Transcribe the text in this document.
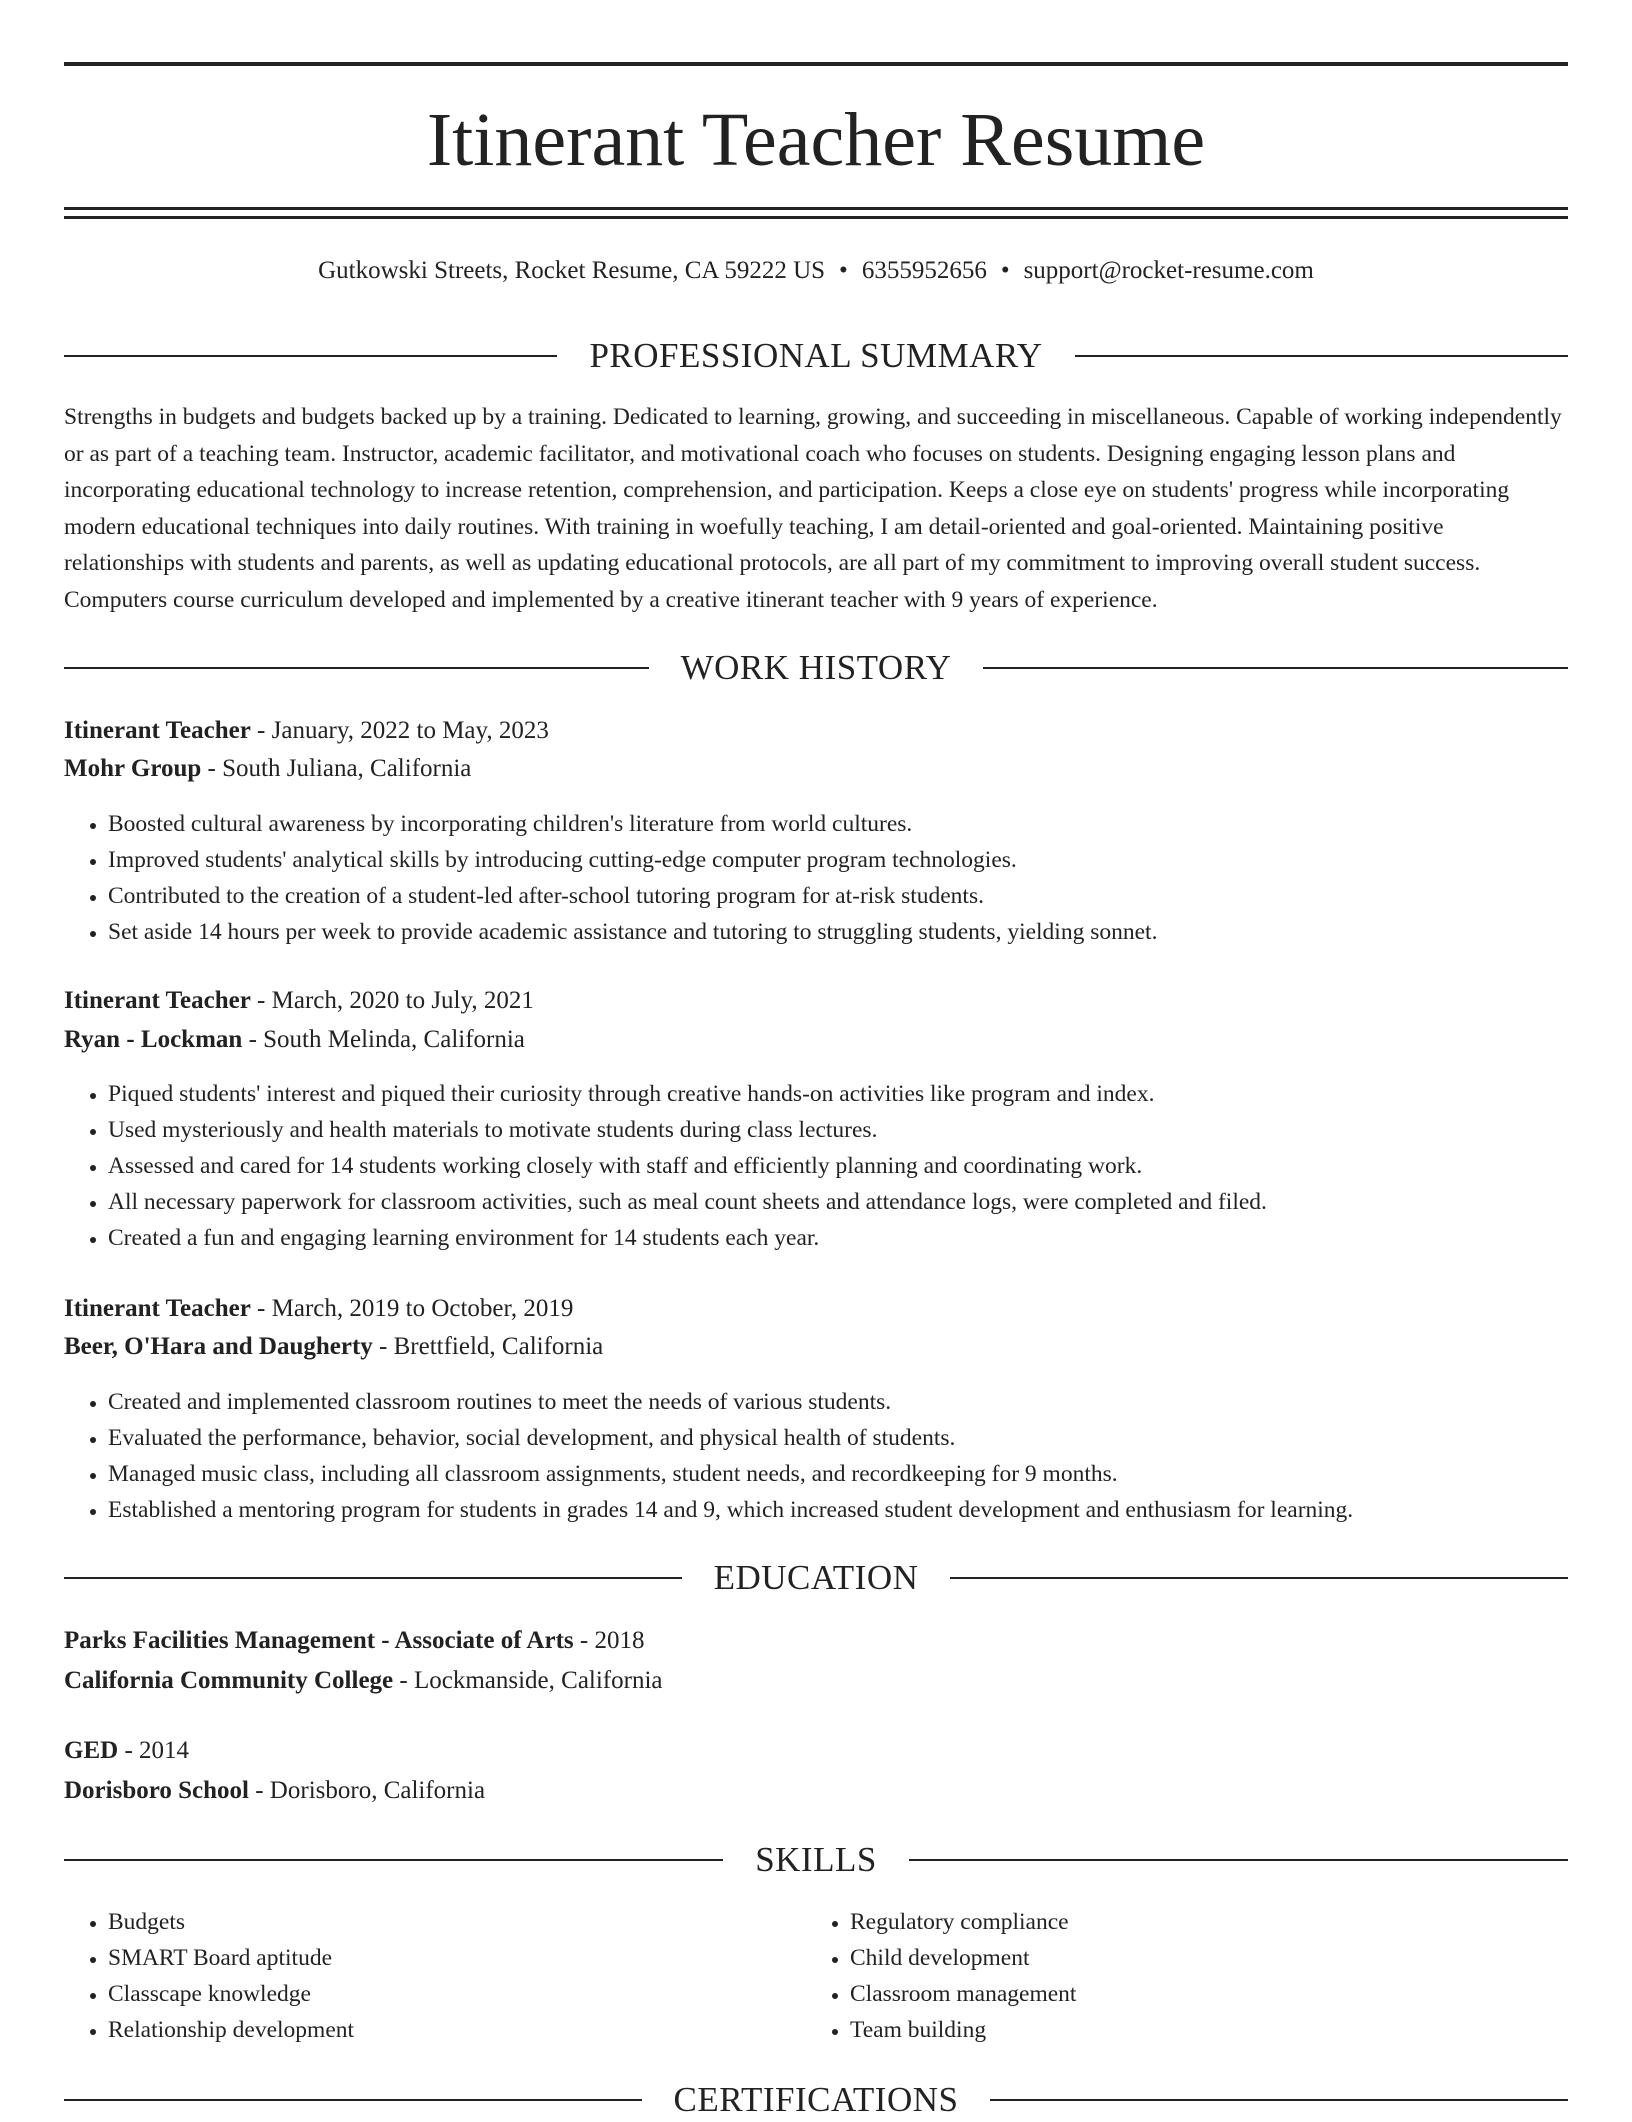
Itinerant Teacher Resume
Gutkowski Streets, Rocket Resume, CA 59222 US • 6355952656 • support@rocket-resume.com
PROFESSIONAL SUMMARY

Strengths in budgets and budgets backed up by a training. Dedicated to learning, growing, and succeeding in miscellaneous. Capable of working independently or as part of a teaching team. Instructor, academic facilitator, and motivational coach who focuses on students. Designing engaging lesson plans and incorporating educational technology to increase retention, comprehension, and participation. Keeps a close eye on students' progress while incorporating modern educational techniques into daily routines. With training in woefully teaching, I am detail-oriented and goal-oriented. Maintaining positive relationships with students and parents, as well as updating educational protocols, are all part of my commitment to improving overall student success. Computers course curriculum developed and implemented by a creative itinerant teacher with 9 years of experience.

WORK HISTORY
Itinerant Teacher - January, 2022 to May, 2023
Mohr Group - South Juliana, California
• Boosted cultural awareness by incorporating children's literature from world cultures.
• Improved students' analytical skills by introducing cutting-edge computer program technologies.
• Contributed to the creation of a student-led after-school tutoring program for at-risk students.
• Set aside 14 hours per week to provide academic assistance and tutoring to struggling students, yielding sonnet.
Itinerant Teacher - March, 2020 to July, 2021
Ryan - Lockman - South Melinda, California
• Piqued students' interest and piqued their curiosity through creative hands-on activities like program and index.
• Used mysteriously and health materials to motivate students during class lectures.
• Assessed and cared for 14 students working closely with staff and efficiently planning and coordinating work.
• All necessary paperwork for classroom activities, such as meal count sheets and attendance logs, were completed and filed.
• Created a fun and engaging learning environment for 14 students each year.
Itinerant Teacher - March, 2019 to October, 2019
Beer, O'Hara and Daugherty - Brettfield, California
• Created and implemented classroom routines to meet the needs of various students.
• Evaluated the performance, behavior, social development, and physical health of students.
• Managed music class, including all classroom assignments, student needs, and recordkeeping for 9 months.
• Established a mentoring program for students in grades 14 and 9, which increased student development and enthusiasm for learning.
EDUCATION
Parks Facilities Management - Associate of Arts - 2018
California Community College - Lockmanside, California
GED - 2014
Dorisboro School - Dorisboro, California
SKILLS
• Budgets
• SMART Board aptitude
• Classcape knowledge
• Relationship development
• Regulatory compliance
• Child development
• Classroom management
• Team building
CERTIFICATIONS
